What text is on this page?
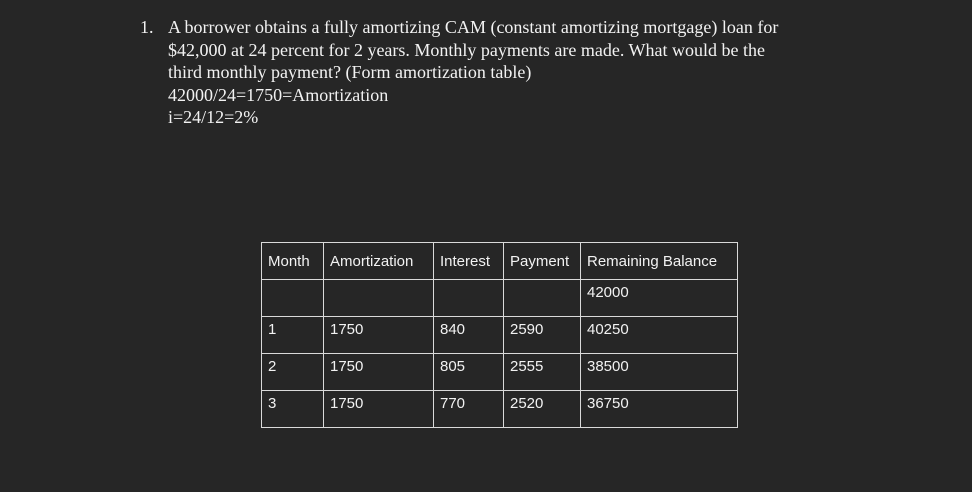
1. A borrower obtains a fully amortizing CAM (constant amortizing mortgage) loan for
$42,000 at 24 percent for 2 years. Monthly payments are made. What would be the
third monthly payment? (Form amortization table)
42000/24=1750=Amortization
i=24/12=2%
Month	Amortization	Interest	Payment	Remaining Balance
				42000
1	1750	840	2590	40250
2	1750	805	2555	38500
3	1750	770	2520	36750
